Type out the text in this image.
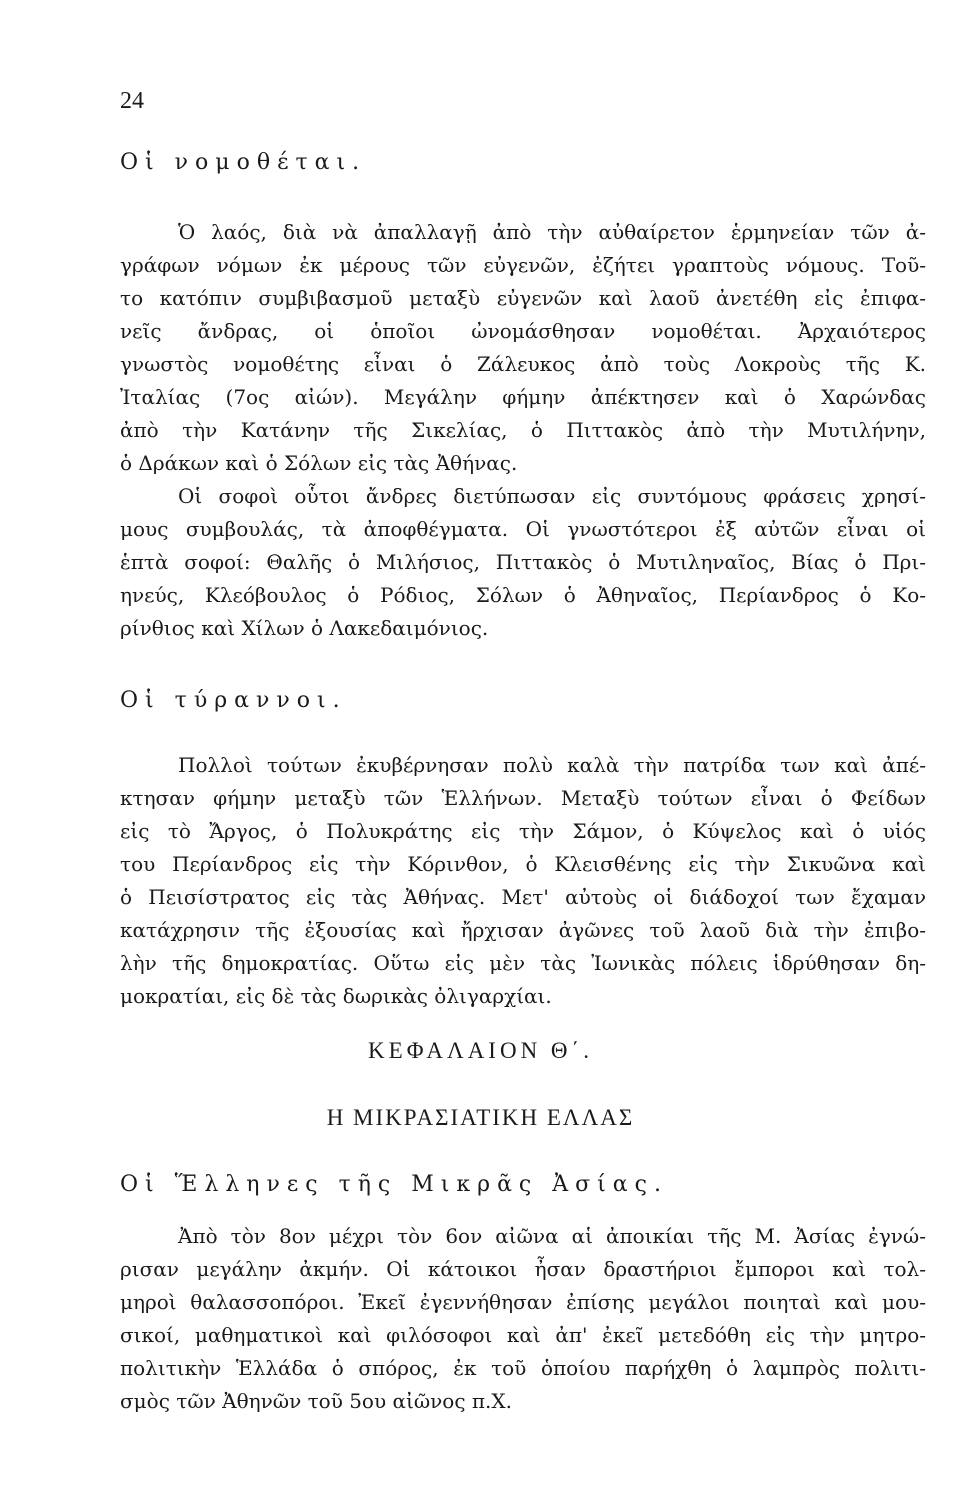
24
Οἱ νομοθέται.
Ὁ λαός, διὰ νὰ ἀπαλλαγῇ ἀπὸ τὴν αὐθαίρετον ἑρμηνείαν τῶν ἀ-
γράφων νόμων ἐκ μέρους τῶν εὐγενῶν, ἐζήτει γραπτοὺς νόμους. Τοῦ-
το κατόπιν συμβιβασμοῦ μεταξὺ εὐγενῶν καὶ λαοῦ ἀνετέθη εἰς ἐπιφα-
νεῖς ἄνδρας, οἱ ὁποῖοι ὠνομάσθησαν νομοθέται. Ἀρχαιότερος
γνωστὸς νομοθέτης εἶναι ὁ Ζάλευκος ἀπὸ τοὺς Λοκροὺς τῆς Κ.
Ἰταλίας (7ος αἰών). Μεγάλην φήμην ἀπέκτησεν καὶ ὁ Χαρώνδας
ἀπὸ τὴν Κατάνην τῆς Σικελίας, ὁ Πιττακὸς ἀπὸ τὴν Μυτιλήνην,
ὁ Δράκων καὶ ὁ Σόλων εἰς τὰς Ἀθήνας.
Οἱ σοφοὶ οὗτοι ἄνδρες διετύπωσαν εἰς συντόμους φράσεις χρησί-
μους συμβουλάς, τὰ ἀποφθέγματα. Οἱ γνωστότεροι ἐξ αὐτῶν εἶναι οἱ
ἑπτὰ σοφοί: Θαλῆς ὁ Μιλήσιος, Πιττακὸς ὁ Μυτιληναῖος, Βίας ὁ Πρι-
ηνεύς, Κλεόβουλος ὁ Ρόδιος, Σόλων ὁ Ἀθηναῖος, Περίανδρος ὁ Κο-
ρίνθιος καὶ Χίλων ὁ Λακεδαιμόνιος.
Οἱ τύραννοι.
Πολλοὶ τούτων ἐκυβέρνησαν πολὺ καλὰ τὴν πατρίδα των καὶ ἀπέ-
κτησαν φήμην μεταξὺ τῶν Ἑλλήνων. Μεταξὺ τούτων εἶναι ὁ Φείδων
εἰς τὸ Ἄργος, ὁ Πολυκράτης εἰς τὴν Σάμον, ὁ Κύψελος καὶ ὁ υἱός
του Περίανδρος εἰς τὴν Κόρινθον, ὁ Κλεισθένης εἰς τὴν Σικυῶνα καὶ
ὁ Πεισίστρατος εἰς τὰς Ἀθήνας. Μετ' αὐτοὺς οἱ διάδοχοί των ἔχαμαν
κατάχρησιν τῆς ἐξουσίας καὶ ἤρχισαν ἀγῶνες τοῦ λαοῦ διὰ τὴν ἐπιβο-
λὴν τῆς δημοκρατίας. Οὕτω εἰς μὲν τὰς Ἰωνικὰς πόλεις ἱδρύθησαν δη-
μοκρατίαι, εἰς δὲ τὰς δωρικὰς ὀλιγαρχίαι.
ΚΕΦΑΛΑΙΟΝ Θ΄.
Η ΜΙΚΡΑΣΙΑΤΙΚΗ ΕΛΛΑΣ
Οἱ Ἕλληνες τῆς Μικρᾶς Ἀσίας.
Ἀπὸ τὸν 8ον μέχρι τὸν 6ον αἰῶνα αἱ ἀποικίαι τῆς Μ. Ἀσίας ἐγνώ-
ρισαν μεγάλην ἀκμήν. Οἱ κάτοικοι ἦσαν δραστήριοι ἔμποροι καὶ τολ-
μηροὶ θαλασσοπόροι. Ἐκεῖ ἐγεννήθησαν ἐπίσης μεγάλοι ποιηταὶ καὶ μου-
σικοί, μαθηματικοὶ καὶ φιλόσοφοι καὶ ἀπ' ἐκεῖ μετεδόθη εἰς τὴν μητρο-
πολιτικὴν Ἑλλάδα ὁ σπόρος, ἐκ τοῦ ὁποίου παρήχθη ὁ λαμπρὸς πολιτι-
σμὸς τῶν Ἀθηνῶν τοῦ 5ου αἰῶνος π.Χ.
